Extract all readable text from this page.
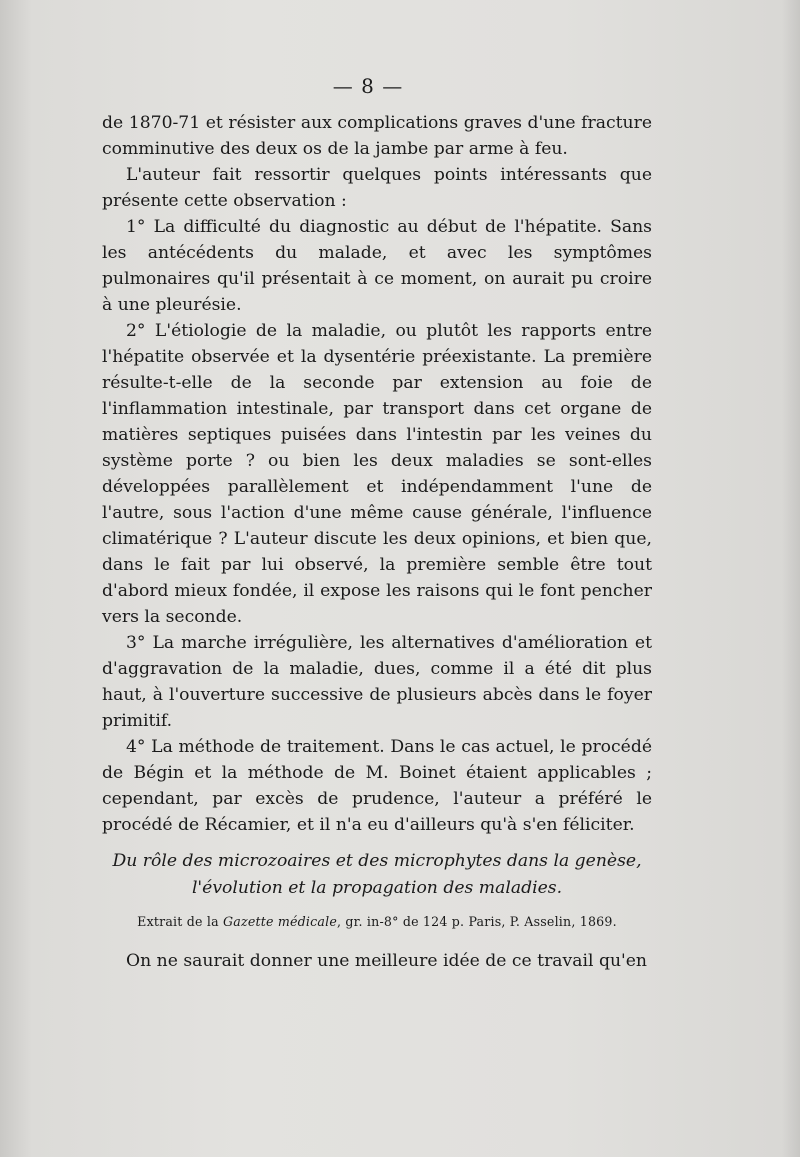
— 8 —

de 1870-71 et résister aux complications graves d'une fracture comminutive des deux os de la jambe par arme à feu.

L'auteur fait ressortir quelques points intéressants que présente cette observation :

1° La difficulté du diagnostic au début de l'hépatite. Sans les antécédents du malade, et avec les symptômes pulmonaires qu'il présentait à ce moment, on aurait pu croire à une pleurésie.

2° L'étiologie de la maladie, ou plutôt les rapports entre l'hépatite observée et la dysentérie préexistante. La première résulte-t-elle de la seconde par extension au foie de l'inflammation intestinale, par transport dans cet organe de matières septiques puisées dans l'intestin par les veines du système porte ? ou bien les deux maladies se sont-elles développées parallèlement et indépendamment l'une de l'autre, sous l'action d'une même cause générale, l'influence climatérique ? L'auteur discute les deux opinions, et bien que, dans le fait par lui observé, la première semble être tout d'abord mieux fondée, il expose les raisons qui le font pencher vers la seconde.

3° La marche irrégulière, les alternatives d'amélioration et d'aggravation de la maladie, dues, comme il a été dit plus haut, à l'ouverture successive de plusieurs abcès dans le foyer primitif.

4° La méthode de traitement. Dans le cas actuel, le procédé de Bégin et la méthode de M. Boinet étaient applicables ; cependant, par excès de prudence, l'auteur a préféré le procédé de Récamier, et il n'a eu d'ailleurs qu'à s'en féliciter.

Du rôle des microzoaires et des microphytes dans la genèse,
l'évolution et la propagation des maladies.
Extrait de la Gazette médicale, gr. in-8° de 124 p. Paris, P. Asselin, 1869.

On ne saurait donner une meilleure idée de ce travail qu'en
